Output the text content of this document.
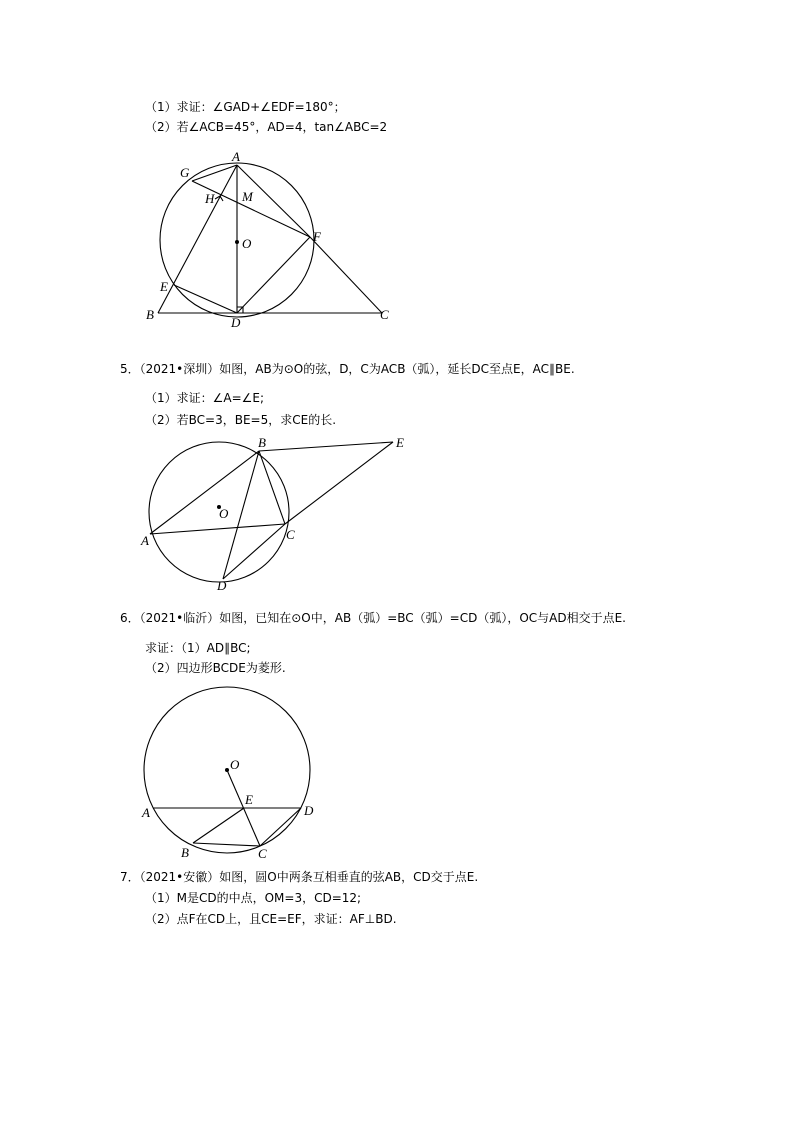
（1）求证：∠GAD+∠EDF=180°；
（2）若∠ACB=45°，AD=4，tan∠ABC=2
A
G
H M
O	F
E
B
D
C
B	E
O
A	C
D
O
E
A	D
B	C
5．（2021•深圳）如图，AB为⊙O的弦，D，C为ACB（弧），延长DC至点E，AC∥BE.
（1）求证：∠A=∠E;
（2）若BC=3，BE=5，求CE的长.
6．（2021•临沂）如图，已知在⊙O中，AB（弧）=BC（弧）=CD（弧），OC与AD相交于点E.
求证：（1）AD∥BC;
（2）四边形BCDE为菱形.
7．（2021•安徽）如图，圆O中两条互相垂直的弦AB，CD交于点E.
（1）M是CD的中点，OM=3，CD=12;
（2）点F在CD上，且CE=EF，求证：AF⊥BD.
